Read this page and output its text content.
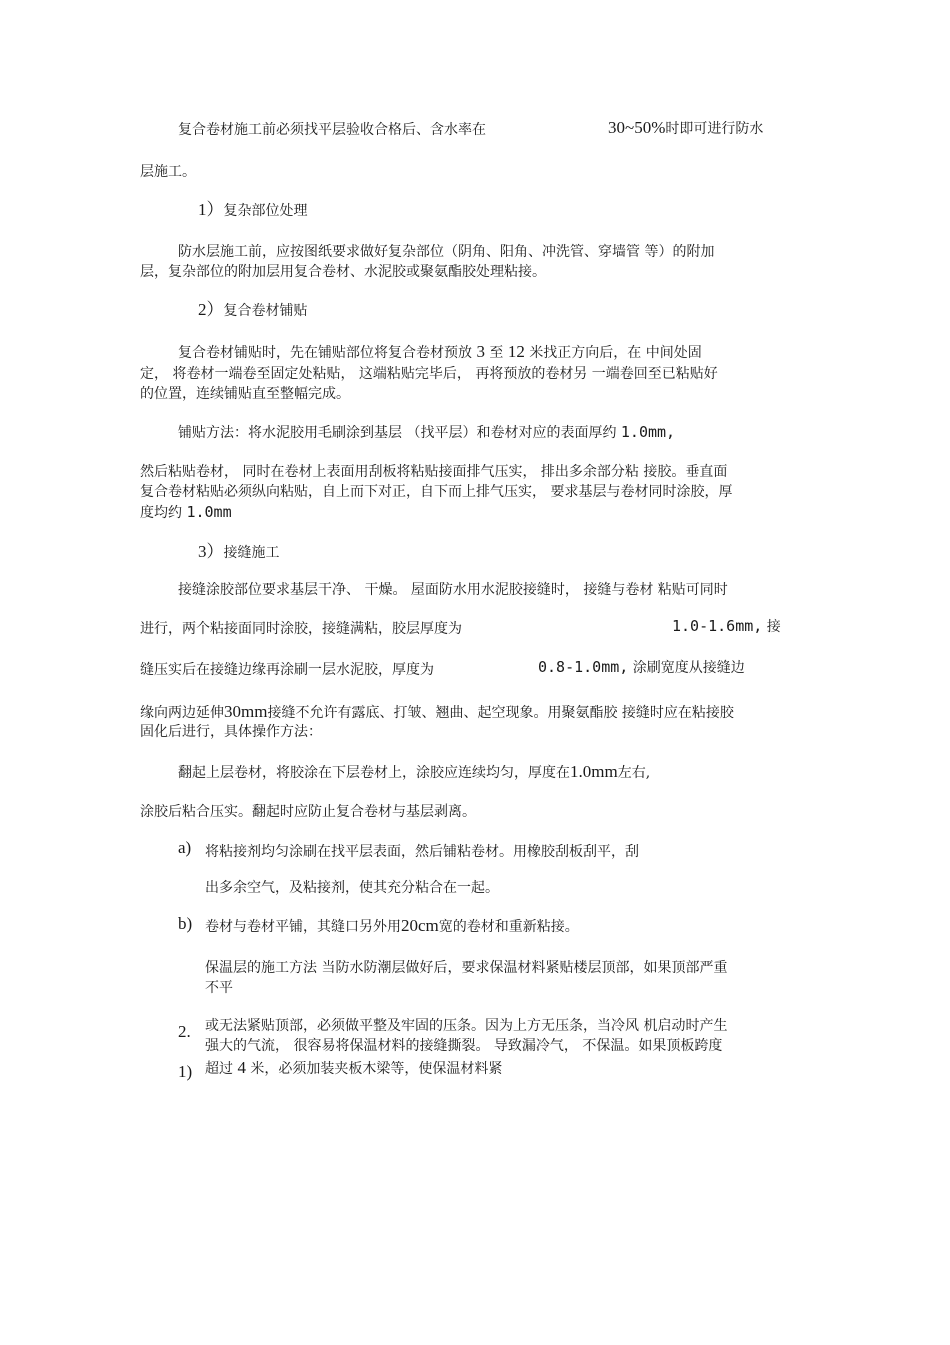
复合卷材施工前必须找平层验收合格后、含水率在	30~50%时即可进行防水
层施工。
1）复杂部位处理
防水层施工前，应按图纸要求做好复杂部位（阴角、阳角、冲洗管、穿墙管 等）的附加
层，复杂部位的附加层用复合卷材、水泥胶或聚氨酯胶处理粘接。
2）复合卷材铺贴
复合卷材铺贴时，先在铺贴部位将复合卷材预放 3 至 12 米找正方向后，在 中间处固
定， 将卷材一端卷至固定处粘贴， 这端粘贴完毕后， 再将预放的卷材另 一端卷回至已粘贴好
的位置，连续铺贴直至整幅完成。
铺贴方法：将水泥胶用毛刷涂到基层 （找平层）和卷材对应的表面厚约 1.0mm,
然后粘贴卷材， 同时在卷材上表面用刮板将粘贴接面排气压实， 排出多余部分粘 接胶。垂直面
复合卷材粘贴必须纵向粘贴，自上而下对正，自下而上排气压实， 要求基层与卷材同时涂胶，厚
度均约 1.0mm
3）接缝施工
接缝涂胶部位要求基层干净、 干燥。 屋面防水用水泥胶接缝时， 接缝与卷材 粘贴可同时
进行，两个粘接面同时涂胶，接缝满粘，胶层厚度为	1.0-1.6mm, 接
缝压实后在接缝边缘再涂刷一层水泥胶，厚度为	0.8-1.0mm, 涂刷宽度从接缝边
缘向两边延伸30mm接缝不允许有露底、打皱、翘曲、起空现象。用聚氨酯胶 接缝时应在粘接胶
固化后进行，具体操作方法：
翻起上层卷材，将胶涂在下层卷材上，涂胶应连续均匀，厚度在1.0mm左右,
涂胶后粘合压实。翻起时应防止复合卷材与基层剥离。
a) 将粘接剂均匀涂刷在找平层表面，然后铺粘卷材。用橡胶刮板刮平，刮
出多余空气，及粘接剂，使其充分粘合在一起。
b) 卷材与卷材平铺，其缝口另外用20cm宽的卷材和重新粘接。
保温层的施工方法 当防水防潮层做好后，要求保温材料紧贴楼层顶部，如果顶部严重
不平
2. 或无法紧贴顶部，必须做平整及牢固的压条。因为上方无压条，当冷风 机启动时产生
强大的气流， 很容易将保温材料的接缝撕裂。 导致漏冷气， 不保温。如果顶板跨度
1) 超过 4 米，必须加装夹板木梁等，使保温材料紧
